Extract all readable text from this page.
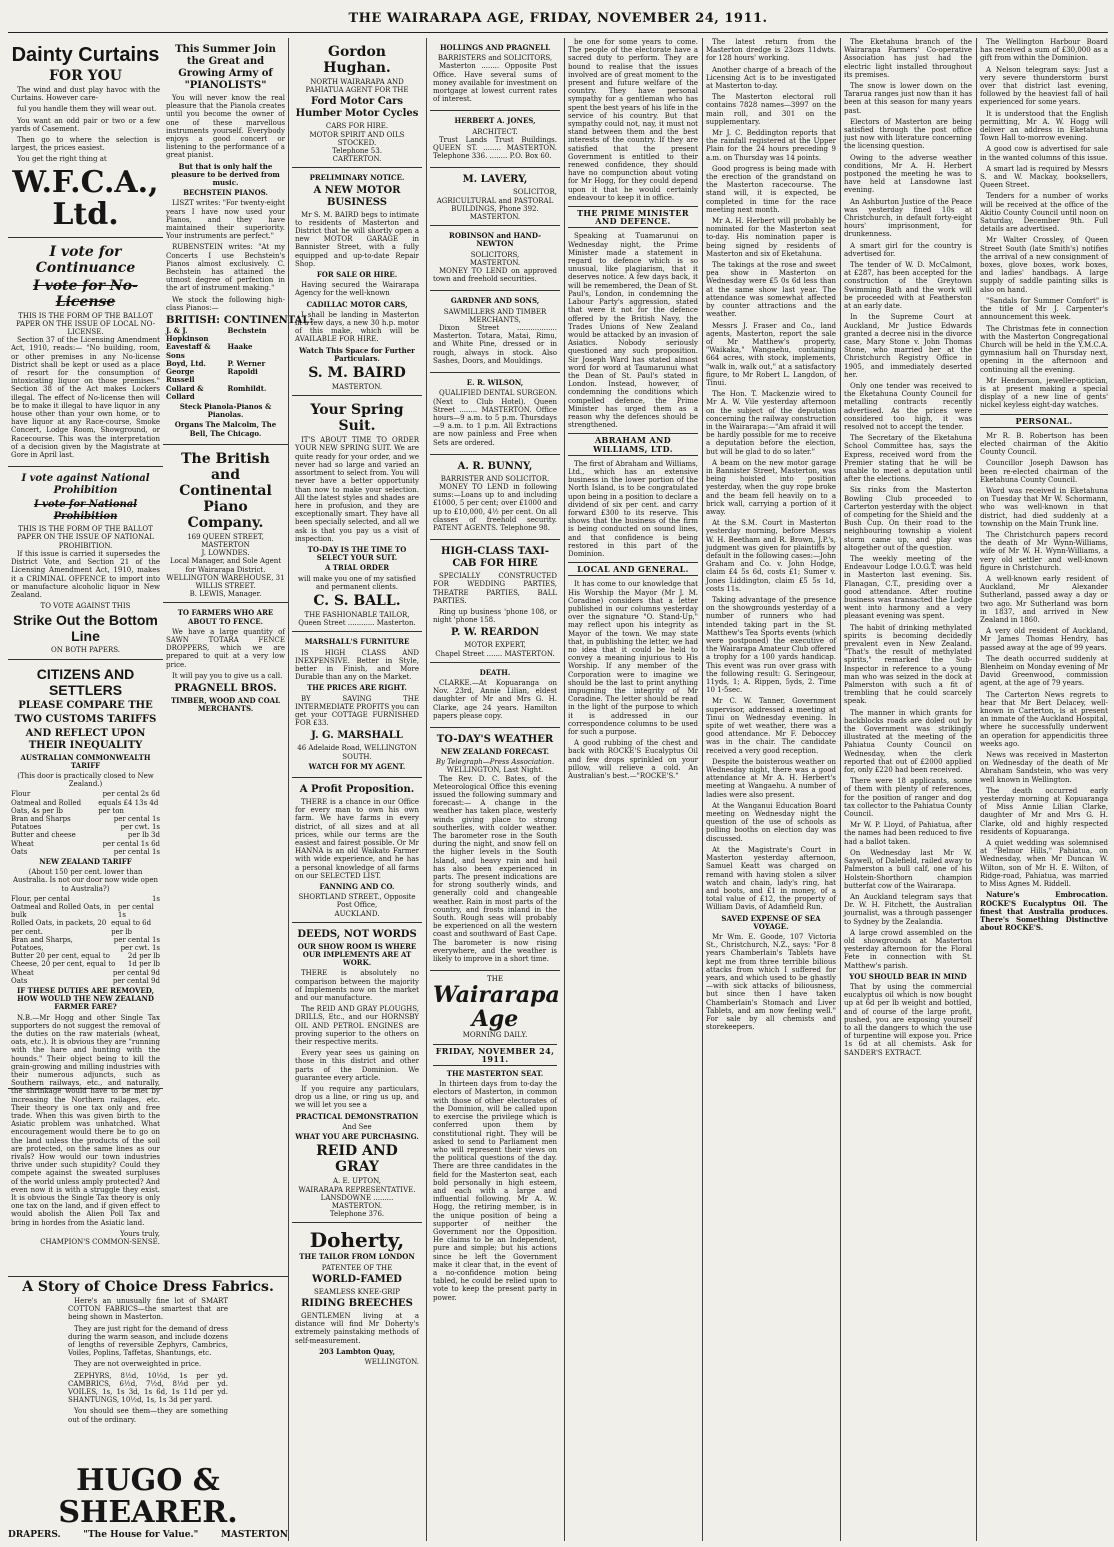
THE WAIRARAPA AGE, FRIDAY, NOVEMBER 24, 1911.
Dainty Curtains
FOR YOU

The wind and dust play havoc with the Curtains. However care-

ful you handle them they will wear out.

You want an odd pair or two or a few yards of Casement.

Then go to where the selection is largest, the prices easiest.

You get the right thing at

W.F.C.A., Ltd.
I vote for Continuance
I vote for No-License
THIS IS THE FORM OF THE BALLOT PAPER ON THE ISSUE OF LOCAL NO-LICENSE.

Section 37 of the Licensing Amendment Act, 1910, reads:— "No building, room, or other premises in any No-license District shall be kept or used as a place of resort for the consumption of intoxicating liquor on those premises." Section 38 of the Act makes Lockers illegal. The effect of No-license then will be to make it illegal to have liquor in any house other than your own home, or to have liquor at any Race-course, Smoke Concert, Lodge Room, Showground, or Racecourse. This was the interpretation of a decision given by the Magistrate at Gore in April last.

I vote against National Prohibition
I vote for National Prohibition
THIS IS THE FORM OF THE BALLOT PAPER ON THE ISSUE OF NATIONAL PROHIBITION.

If this issue is carried it supersedes the District Vote, and Section 21 of the Licensing Amendment Act, 1910, makes it a CRIMINAL OFFENCE to import into or manufacture alcoholic liquor in New Zealand.

TO VOTE AGAINST THIS
Strike Out the Bottom Line
ON BOTH PAPERS.
CITIZENS AND SETTLERS
PLEASE COMPARE THE
TWO CUSTOMS TARIFFS
AND REFLECT UPON THEIR INEQUALITY
AUSTRALIAN COMMONWEALTH TARIFF
(This door is practically closed to New Zealand.)
Flour	per cental 2s 6d
Oatmeal and Rolled Oats, 4s per lb
equals £4 13s 4d per ton
Bran and Sharps	per cental 1s
Potatoes	per cwt. 1s
Butter and cheese	per lb 3d
Wheat	per cental 1s 6d
Oats	per cental 1s
NEW ZEALAND TARIFF
(About 150 per cent. lower than Australia. Is not our door now wide open to Australia?)
Flour, per cental	1s
Oatmeal and Rolled Oats, in bulk
per cental 1s
Rolled Oats, in packets, 20 per cent.
equal to 6d per lb
Bran and Sharps,	per cental 1s
Potatoes,	per cwt. 1s
Butter 20 per cent, equal to	2d per lb
Cheese, 20 per cent, equal to 1d per lb
Wheat	per cental 9d
Oats	per cental 9d
IF THESE DUTIES ARE REMOVED, HOW WOULD THE NEW ZEALAND FARMER FARE?

N.B.—Mr Hogg and other Single Tax supporters do not suggest the removal of the duties on the raw materials (wheat, oats, etc.). It is obvious they are "running with the hare and hunting with the hounds." Their object being to kill the grain-growing and milling industries with their numerous adjuncts, such as Southern railways, etc., and naturally, the shrinkage would have to be met by increasing the Northern railages, etc. Their theory is one tax only and free trade. When this was given birth to the Asiatic problem was unhatched. What encouragement would there be to go on the land unless the products of the soil are protected, on the same lines as our rivals? How would our town industries thrive under such stupidity? Could they compete against the sweated surpluses of the world unless amply protected? And even now it is with a struggle they exist. It is obvious the Single Tax theory is only one tax on the land, and if given effect to would abolish the Alien Poll Tax and bring in hordes from the Asiatic land.

Yours truly,
CHAMPION'S COMMON-SENSE.
This Summer Join the Great and Growing Army of "PIANOLISTS"

You will never know the real pleasure that the Pianola creates until you become the owner of one of these marvellous instruments yourself. Everybody enjoys a good concert or listening to the performance of a great pianist.

But that is only half the pleasure to be derived from music.
BECHSTEIN PIANOS.

LISZT writes: "For twenty-eight years I have now used your Pianos, and they have maintained their superiority. Your instruments are perfect."

RUBENSTEIN writes: "At my Concerts I use Bechstein's Pianos almost exclusively. C. Bechstein has attained the utmost degree of perfection in the art of instrument making."

We stock the following high-class Pianos:—

BRITISH: CONTINENTAL:
J. & J. Hopkinson
Bechstein
Eavestaff & Sons
Haake
Boyd, Ltd.	P. Werner
George Russell
Rapoldi
Collard & Collard
Romhildt.
Steck Pianola-Pianos & Pianolas.
Organs The Malcolm, The Bell, The Chicago.
The British and Continental Piano Company.
169 QUEEN STREET, MASTERTON
J. LOWNDES.
Local Manager, and Sole Agent for Wairarapa District.
WELLINGTON WAREHOUSE, 31 WILLIS STREET.
B. LEWIS, Manager.
TO FARMERS WHO ARE ABOUT TO FENCE.

We have a large quantity of SAWN TOTARA FENCE DROPPERS, which we are prepared to quit at a very low price.

It will pay you to give us a call.

PRAGNELL BROS.
TIMBER, WOOD AND COAL MERCHANTS.
A Story of Choice Dress Fabrics.

Here's an unusually fine lot of SMART COTTON FABRICS—the smartest that are being shown in Masterton.

They are just right for the demand of dress during the warm season, and include dozens of lengths of reversible Zephyrs, Cambrics, Voiles, Poplins, Taffetas, Shantungs, etc.

They are not overweighted in price.

ZEPHYRS, 8½d, 10½d, 1s per yd. CAMBRICS, 6½d, 7½d, 8½d per yd. VOILES, 1s, 1s 3d, 1s 6d, 1s 11d per yd. SHANTUNGS, 10½d, 1s, 1s 3d per yard.

You should see them—they are something out of the ordinary.

HUGO & SHEARER.
DRAPERS.	"The House for Value."	MASTERTON
Gordon Hughan.
NORTH WAIRARAPA AND PAHIATUA AGENT FOR THE
Ford Motor Cars Humber Motor Cycles
CARS FOR HIRE.
MOTOR SPIRIT AND OILS STOCKED.
Telephone 53.
CARTERTON.
PRELIMINARY NOTICE.
A NEW MOTOR BUSINESS

Mr S. M. BAIRD begs to intimate to residents of Masterton and District that he will shortly open a new MOTOR GARAGE in Bannister Street, with a fully equipped and up-to-date Repair Shop.

FOR SALE OR HIRE.

Having secured the Wairarapa Agency for the well-known

CADILLAC MOTOR CARS,

I shall be landing in Masterton in a few days, a new 30 h.p. motor of this make, which will be AVAILABLE FOR HIRE.

Watch This Space for Further Particulars.
S. M. BAIRD
MASTERTON.
Your Spring Suit.

IT'S ABOUT TIME TO ORDER YOUR NEW SPRING SUIT. We are quite ready for your order, and we never had so large and varied an assortment to select from. You will never have a better opportunity than now to make your selection. All the latest styles and shades are here in profusion, and they are exceptionally smart. They have all been specially selected, and all we ask is that you pay us a visit of inspection.

TO-DAY IS THE TIME TO SELECT YOUR SUIT.
A TRIAL ORDER
will make you one of my satisfied and permanent clients.
C. S. BALL.
THE FASHIONABLE TAILOR,
Queen Street ............ Masterton.
MARSHALL'S FURNITURE

IS HIGH CLASS AND INEXPENSIVE. Better in Style, better in Finish, and More Durable than any on the Market.

THE PRICES ARE RIGHT.

BY SAVING THE INTERMEDIATE PROFITS you can get your COTTAGE FURNISHED FOR £33.

J. G. MARSHALL
46 Adelaide Road, WELLINGTON SOUTH.
WATCH FOR MY AGENT.
A Profit Proposition.

THERE is a chance in our Office for every man to own his own farm. We have farms in every district, of all sizes and at all prices, while our terms are the easiest and fairest possible. Or Mr HANNA is an old Waikato Farmer with wide experience, and he has a personal knowledge of all farms on our SELECTED LIST.

FANNING AND CO.
SHORTLAND STREET., Opposite Post Office,
AUCKLAND.
DEEDS, NOT WORDS
OUR SHOW ROOM IS WHERE OUR IMPLEMENTS ARE AT WORK.

THERE is absolutely no comparison between the majority of Implements now on the market and our manufacture.

The REID AND GRAY PLOUGHS, DRILLS, Etc., and our HORNSBY OIL AND PETROL ENGINES are proving superior to the others on their respective merits.

Every year sees us gaining on those in this district and other parts of the Dominion. We guarantee every article.

If you require any particulars, drop us a line, or ring us up, and we will let you see a

PRACTICAL DEMONSTRATION
And See
WHAT YOU ARE PURCHASING.
REID AND GRAY
A. E. UPTON,
WAIRARAPA REPRESENTATIVE. LANSDOWNE ......... MASTERTON.
Telephone 376.
Doherty,
THE TAILOR FROM LONDON
PATENTEE OF THE
WORLD-FAMED
SEAMLESS KNEE-GRIP
RIDING BREECHES

GENTLEMEN living at a distance will find Mr Doherty's extremely painstaking methods of self-measurement.

203 Lambton Quay,
WELLINGTON.
HOLLINGS AND PRAGNELL
BARRISTERS and SOLICITORS,

Masterton ........ Opposite Post Office. Have several sums of money available for investment on mortgage at lowest current rates of interest.

HERBERT A. JONES,
ARCHITECT.

Trust Lands Trust Buildings. QUEEN ST. ........ MASTERTON. Telephone 336. ........ P.O. Box 60.

M. LAVERY,
SOLICITOR,
AGRICULTURAL and PASTORAL BUILDINGS, Phone 392. MASTERTON.
ROBINSON and HAND-NEWTON
SOLICITORS,
MASTERTON.

MONEY TO LEND on approved town and freehold securities.

GARDNER AND SONS,
SAWMILLERS AND TIMBER MERCHANTS,

Dixon Street .................. Masterton. Totara, Matai, Rimu, and White Pine, dressed or in rough, always in stock. Also Sashes, Doors, and Mouldings.

E. R. WILSON,

QUALIFIED DENTAL SURGEON. (Next to Club Hotel). Queen Street ........ MASTERTON. Office hours—9 a.m. to 5 p.m. Thursdays—9 a.m. to 1 p.m. All Extractions are now painless and Free when Sets are ordered.

A. R. BUNNY,
BARRISTER AND SOLICITOR.

MONEY TO LEND in following sums:—Loans up to and including £1000, 5 per cent; over £1000 and up to £10,000, 4½ per cent. On all classes of freehold security. PATENT AGENTS. Telephone 98.

HIGH-CLASS TAXI-CAB FOR HIRE

SPECIALLY CONSTRUCTED FOR WEDDING PARTIES, THEATRE PARTIES, BALL PARTIES.

Ring up business 'phone 108, or night 'phone 158.

P. W. REARDON
MOTOR EXPERT,
Chapel Street ....... MASTERTON.
DEATH.

CLARKE.—At Kopuaranga on Nov. 23rd, Annie Lilian, eldest daughter of Mr and Mrs G. H. Clarke, age 24 years. Hamilton papers please copy.

TO-DAY'S WEATHER
NEW ZEALAND FORECAST.
By Telegraph—Press Association.
WELLINGTON, Last Night.

The Rev. D. C. Bates, of the Meteorological Office this evening issued the following summary and forecast:— A change in the weather has taken place, westerly winds giving place to strong southerlies, with colder weather. The barometer rose in the South during the night, and snow fell on the higher levels in the South Island, and heavy rain and hail has also been experienced in parts. The present indications are for strong southerly winds, and generally cold and changeable weather. Rain in most parts of the country, and frosts inland in the South. Rough seas will probably be experienced on all the western coast and southward of East Cape. The barometer is now rising everywhere, and the weather is likely to improve in a short time.

THE
Wairarapa Age
MORNING DAILY.
FRIDAY, NOVEMBER 24, 1911.
THE MASTERTON SEAT.

In thirteen days from to-day the electors of Masterton, in common with those of other electorates of the Dominion, will be called upon to exercise the privilege which is conferred upon them by constitutional right. They will be asked to send to Parliament men who will represent their views on the political questions of the day. There are three candidates in the field for the Masterton seat, each bold personally in high esteem, and each with a large and influential following. Mr A. W. Hogg, the retiring member, is in the unique position of being a supporter of neither the Government nor the Opposition. He claims to be an Independent, pure and simple; but his actions since he left the Government make it clear that, in the event of a no-confidence motion being tabled, he could be relied upon to vote to keep the present party in power.

be one for some years to come. The people of the electorate have a sacred duty to perform. They are bound to realise that the issues involved are of great moment to the present and future welfare of the country. They have personal sympathy for a gentleman who has spent the best years of his life in the service of his country. But that sympathy could not, nay, it must not stand between them and the best interests of the country. If they are satisfied that the present Government is entitled to their renewed confidence, they should have no compunction about voting for Mr Hogg, for they could depend upon it that he would certainly endeavour to keep it in office.

THE PRIME MINISTER AND DEFENCE.

Speaking at Tuamarunui on Wednesday night, the Prime Minister made a statement in regard to defence which is so unusual, like plagiarism, that it deserves notice. A few days back, it will be remembered, the Dean of St. Paul's, London, in condemning the Labour Party's aggression, stated that were it not for the defence offered by the British Navy, the Trades Unions of New Zealand would be attacked by an invasion of Asiatics. Nobody seriously questioned any such proposition. Sir Joseph Ward has stated almost word for word at Taumarunui what the Dean of St. Paul's stated in London. Instead, however, of condemning the conditions which compelled defence, the Prime Minister has urged them as a reason why the defences should be strengthened.

ABRAHAM AND WILLIAMS, LTD.

The first of Abraham and Williams, Ltd., which has an extensive business in the lower portion of the North Island, is to be congratulated upon being in a position to declare a dividend of six per cent. and carry forward £300 to its reserve. This shows that the business of the firm is being conducted on sound lines, and that confidence is being restored in this part of the Dominion.

LOCAL AND GENERAL.

It has come to our knowledge that His Worship the Mayor (Mr J. M. Coradine) considers that a letter published in our columns yesterday over the signature "O. Stand-Up," may reflect upon his integrity as Mayor of the town. We may state that, in publishing the letter, we had no idea that it could be held to convey a meaning injurious to His Worship. If any member of the Corporation were to imagine we should be the last to print anything impugning the integrity of Mr Coradine. The letter should be read in the light of the purpose to which it is addressed in our correspondence columns to be used for such a purpose.

A good rubbing of the chest and back with ROCKE'S Eucalyptus Oil and few drops sprinkled on your pillow, will relieve a cold. An Australian's best.—"ROCKE'S."

The latest return from the Masterton dredge is 23ozs 11dwts. for 128 hours' working.

Another charge of a breach of the Licensing Act is to be investigated at Masterton to-day.

The Masterton electoral roll contains 7828 names—3997 on the main roll, and 301 on the supplementary.

Mr J. C. Beddington reports that the rainfall registered at the Upper Plain for the 24 hours preceding 9 a.m. on Thursday was 14 points.

Good progress is being made with the erection of the grandstand on the Masterton racecourse. The stand will, it is expected, be completed in time for the race meeting next month.

Mr A. H. Herbert will probably be nominated for the Masterton seat to-day. His nomination paper is being signed by residents of Masterton and six of Eketahuna.

The takings at the rose and sweet pea show in Masterton on Wednesday were £5 0s 6d less than at the same show last year. The attendance was somewhat affected by counter attractions and the weather.

Messrs J. Fraser and Co., land agents, Masterton, report the sale of Mr Matthew's property, "Waikaka," Wangaehu, containing 664 acres, with stock, implements, "walk in, walk out," at a satisfactory figure, to Mr Robert L. Langdon, of Tinui.

The Hon. T. Mackenzie wired to Mr A. W. Vile yesterday afternoon on the subject of the deputation concerning the railway construction in the Wairarapa:—"Am afraid it will be hardly possible for me to receive a deputation before the election, but will be glad to do so later."

A beam on the new motor garage in Bannister Street, Masterton, was being hoisted into position yesterday, when the guy rope broke and the beam fell heavily on to a brick wall, carrying a portion of it away.

At the S.M. Court in Masterton yesterday morning, before Messrs W. H. Beetham and R. Brown, J.P.'s, judgment was given for plaintiffs by default in the following cases:—John Graham and Co. v. John Hodge, claim £4 5s 6d, costs £1; Sumer v. Jones Liddington, claim £5 5s 1d, costs 11s.

Taking advantage of the presence on the showgrounds yesterday of a number of runners who had intended taking part in the St. Matthew's Tea Sports events (which were postponed) the executive of the Wairarapa Amateur Club offered a trophy for a 100 yards handicap. This event was run over grass with the following result: G. Seringeour, 11yds, 1; A. Rippen, 5yds, 2. Time 10 1-5sec.

Mr C. W. Tanner, Government supervisor, addressed a meeting at Tinui on Wednesday evening. In spite of wet weather, there was a good attendance. Mr F. Deboccey was in the chair. The candidate received a very good reception.

Despite the boisterous weather on Wednesday night, there was a good attendance at Mr A. H. Herbert's meeting at Wangaehu. A number of ladies were also present.

At the Wanganui Education Board meeting on Wednesday night the question of the use of schools as polling booths on election day was discussed.

At the Magistrate's Court in Masterton yesterday afternoon, Samuel Keatt was charged on remand with having stolen a silver watch and chain, lady's ring, hat and boots, and £1 in money, of a total value of £12, the property of William Davis, of Adamfield Run.

SAVED EXPENSE OF SEA VOYAGE.

Mr Wm. E. Goode, 107 Victoria St., Christchurch, N.Z., says: "For 8 years Chamberlain's Tablets have kept me from three terrible bilious attacks from which I suffered for years, and which used to be ghastly—with sick attacks of biliousness, but since then I have taken Chamberlain's Stomach and Liver Tablets, and am now feeling well." For sale by all chemists and storekeepers.

The Eketahuna branch of the Wairarapa Farmers' Co-operative Association has just had the electric light installed throughout its premises.

The snow is lower down on the Tararua ranges just now than it has been at this season for many years past.

Electors of Masterton are being satisfied through the post office just now with literature concerning the licensing question.

Owing to the adverse weather conditions, Mr A. H. Herbert postponed the meeting he was to have held at Lansdowne last evening.

An Ashburton Justice of the Peace was yesterday fined 10s at Christchurch, in default forty-eight hours' imprisonment, for drunkenness.

A smart girl for the country is advertised for.

The tender of W. D. McCalmont, at £287, has been accepted for the construction of the Greytown Swimming Bath and the work will be proceeded with at Featherston at an early date.

In the Supreme Court at Auckland, Mr Justice Edwards granted a decree nisi in the divorce case, Mary Stone v. John Thomas Stone, who married her at the Christchurch Registry Office in 1905, and immediately deserted her.

Only one tender was received to the Eketahuna County Council for metalling contracts recently advertised. As the prices were considered too high, it was resolved not to accept the tender.

The Secretary of the Eketahuna School Committee has, says the Express, received word from the Premier stating that he will be unable to meet a deputation until after the elections.

Six rinks from the Masterton Bowling Club proceeded to Carterton yesterday with the object of competing for the Shield and the Bush Cup. On their road to the neighbouring township a violent storm came up, and play was altogether out of the question.

The weekly meeting of the Endeavour Lodge I.O.G.T. was held in Masterton last evening. Sis. Flanagan, C.T., presiding over a good attendance. After routine business was transacted the Lodge went into harmony and a very pleasant evening was spent.

The habit of drinking methylated spirits is becoming decidedly prevalent even in New Zealand. "That's the result of methylated spirits," remarked the Sub-Inspector in reference to a young man who was seized in the dock at Palmerston with such a fit of trembling that he could scarcely speak.

The manner in which grants for backblocks roads are doled out by the Government was strikingly illustrated at the meeting of the Pahiatua County Council on Wednesday, when the clerk reported that out of £2000 applied for, only £220 had been received.

There were 18 applicants, some of them with plenty of references, for the position of ranger and dog tax collector to the Pahiatua County Council.

Mr W. P. Lloyd, of Pahiatua, after the names had been reduced to five had a ballot taken.

On Wednesday last Mr W. Saywell, of Dalefield, railed away to Palmerston a bull calf, one of his Holstein-Shorthorn champion butterfat cow of the Wairarapa.

An Auckland telegram says that Dr. W. H. Fitchett, the Australian journalist, was a through passenger to Sydney by the Zealandia.

A large crowd assembled on the old showgrounds at Masterton yesterday afternoon for the Floral Fete in connection with St. Matthew's parish.

YOU SHOULD BEAR IN MIND

That by using the commercial eucalyptus oil which is now bought up at 6d per lb weight and bottled, and of course of the large profit, pushed, you are exposing yourself to all the dangers to which the use of turpentine will expose you. Price 1s 6d at all chemists. Ask for SANDER'S EXTRACT.

The Wellington Harbour Board has received a sum of £30,000 as a gift from within the Dominion.

A Nelson telegram says: Just a very severe thunderstorm burst over that district last evening, followed by the heaviest fall of hail experienced for some years.

It is understood that the English permitting, Mr A. W. Hogg will deliver an address in Eketahuna Town Hall to-morrow evening.

A good cow is advertised for sale in the wanted columns of this issue.

A smart lad is required by Messrs S. and W. Mackay, booksellers, Queen Street.

Tenders for a number of works will be received at the office of the Akitio County Council until noon on Saturday, December 9th. Full details are advertised.

Mr Walter Crossley, of Queen Street South (late Smith's) notifies the arrival of a new consignment of boxes, glove boxes, work boxes, and ladies' handbags. A large supply of saddle painting silks is also on hand.

"Sandals for Summer Comfort" is the title of Mr J. Carpenter's announcement this week.

The Christmas fete in connection with the Masterton Congregational Church will be held in the Y.M.C.A. gymnasium hall on Thursday next, opening in the afternoon and continuing all the evening.

Mr Henderson, jeweller-optician, is at present making a special display of a new line of gents' nickel keyless eight-day watches.

PERSONAL.

Mr R. B. Robertson has been elected chairman of the Akitio County Council.

Councillor Joseph Dawson has been re-elected chairman of the Eketahuna County Council.

Word was received in Eketahuna on Tuesday that Mr W. Schormann, who was well-known in that district, had died suddenly at a township on the Main Trunk line.

The Christchurch papers record the death of Mr Wynn-Williams, wife of Mr W. H. Wynn-Williams, a very old settler and well-known figure in Christchurch.

A well-known early resident of Auckland, Mr Alexander Sutherland, passed away a day or two ago. Mr Sutherland was born in 1837, and arrived in New Zealand in 1860.

A very old resident of Auckland, Mr James Thomas Hendry, has passed away at the age of 99 years.

The death occurred suddenly at Blenheim on Monday evening of Mr David Greenwood, commission agent, at the age of 79 years.

The Carterton News regrets to hear that Mr Bert Delacey, well-known in Carterton, is at present an inmate of the Auckland Hospital, where he successfully underwent an operation for appendicitis three weeks ago.

News was received in Masterton on Wednesday of the death of Mr Abraham Sandstein, who was very well known in Wellington.

The death occurred early yesterday morning at Kopuaranga of Miss Annie Lilian Clarke, daughter of Mr and Mrs G. H. Clarke, old and highly respected residents of Kopuaranga.

A quiet wedding was solemnised at "Belmor Hills," Pahiatua, on Wednesday, when Mr Duncan W. Wilton, son of Mr H. E. Wilton, of Ridge-road, Pahiatua, was married to Miss Agnes M. Riddell.

Nature's Embrocation. ROCKE'S Eucalyptus Oil. The finest that Australia produces. There's Something Distinctive about ROCKE'S.
